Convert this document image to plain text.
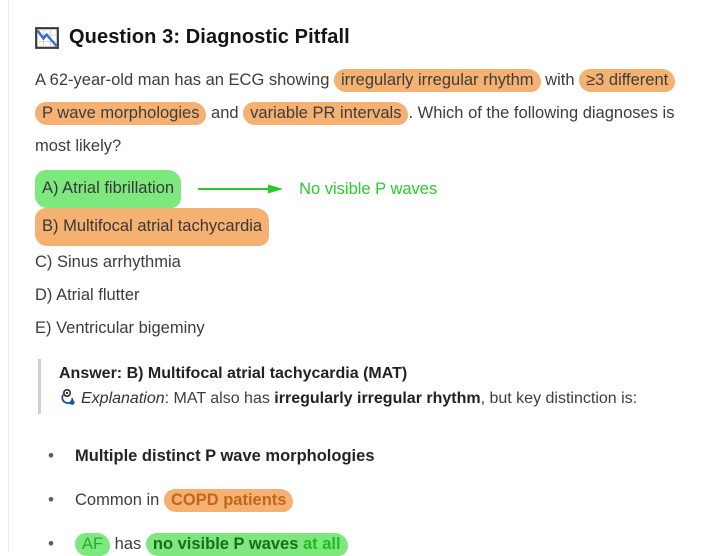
Question 3: Diagnostic Pitfall
A 62-year-old man has an ECG showing irregularly irregular rhythm with ≥3 different
P wave morphologies and variable PR intervals . Which of the following diagnoses is
most likely?
A) Atrial fibrillation	No visible P waves
B) Multifocal atrial tachycardia
C) Sinus arrhythmia
D) Atrial flutter
E) Ventricular bigeminy
Answer: B) Multifocal atrial tachycardia (MAT)
Explanation: MAT also has irregularly irregular rhythm, but key distinction is:
• Multiple distinct P wave morphologies
• Common in COPD patients
• AF has no visible P waves at all
